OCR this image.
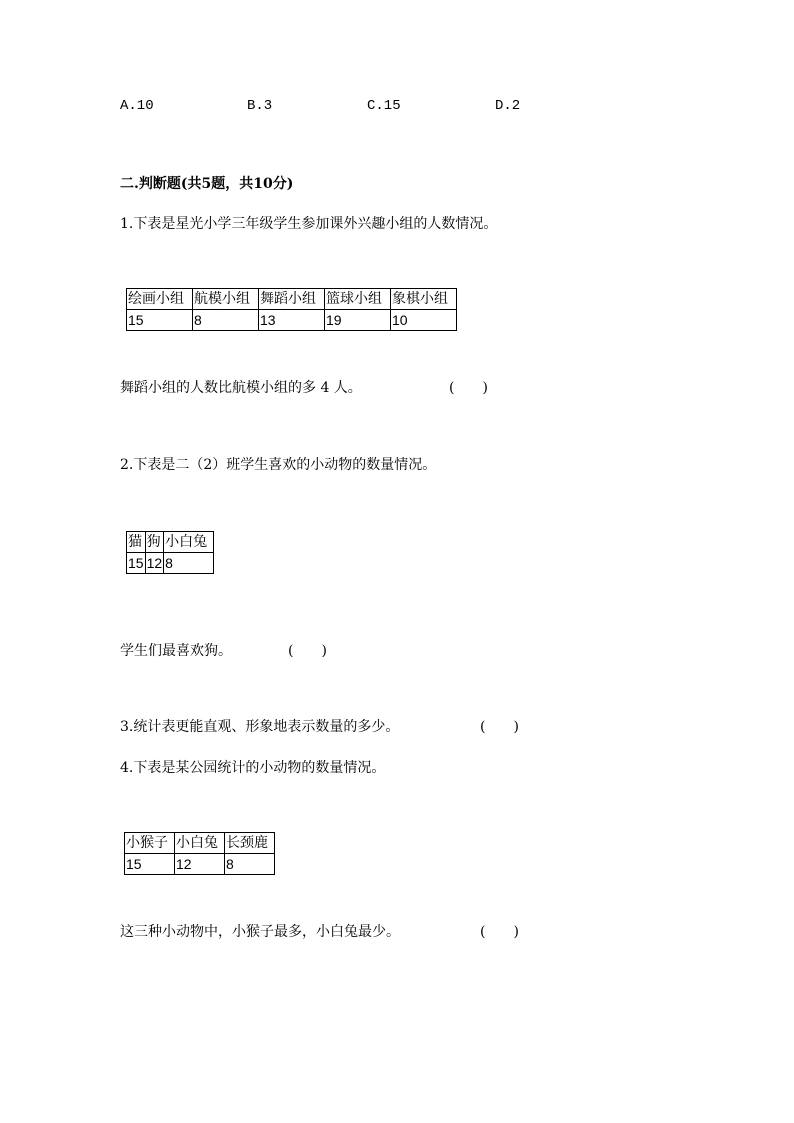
A.10	B.3	C.15	D.2
二.判断题(共5题，共10分)
1.下表是星光小学三年级学生参加课外兴趣小组的人数情况。
绘画小组	航模小组	舞蹈小组	篮球小组	象棋小组
15	8	13	19	10
舞蹈小组的人数比航模小组的多 4 人。	(　　)
2.下表是二（2）班学生喜欢的小动物的数量情况。
猫	狗	小白兔
15	12	8
学生们最喜欢狗。	(　　)
3.统计表更能直观、形象地表示数量的多少。	(　　)
4.下表是某公园统计的小动物的数量情况。
小猴子	小白兔	长颈鹿
15	12	8
这三种小动物中，小猴子最多，小白兔最少。	(　　)
